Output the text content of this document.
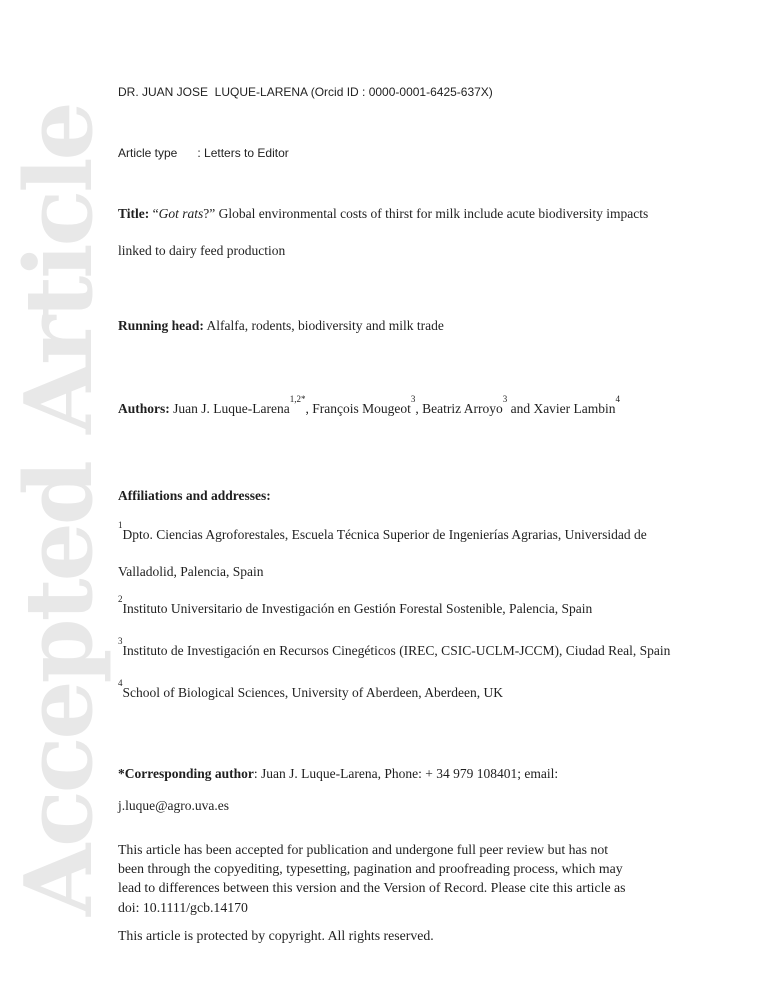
Accepted Article
DR. JUAN JOSE  LUQUE-LARENA (Orcid ID : 0000-0001-6425-637X)
Article type      : Letters to Editor
Title: “Got rats?” Global environmental costs of thirst for milk include acute biodiversity impacts
linked to dairy feed production
Running head: Alfalfa, rodents, biodiversity and milk trade
Authors: Juan J. Luque-Larena$^{1,2*}$, François Mougeot$^3$, Beatriz Arroyo$^3$ and Xavier Lambin$^4$
Affiliations and addresses:
$^1$Dpto. Ciencias Agroforestales, Escuela Técnica Superior de Ingenierías Agrarias, Universidad de Valladolid, Palencia, Spain
$^2$Instituto Universitario de Investigación en Gestión Forestal Sostenible, Palencia, Spain
$^3$Instituto de Investigación en Recursos Cinegéticos (IREC, CSIC-UCLM-JCCM), Ciudad Real, Spain
$^4$School of Biological Sciences, University of Aberdeen, Aberdeen, UK
*Corresponding author: Juan J. Luque-Larena, Phone: + 34 979 108401; email:
j.luque@agro.uva.es
This article has been accepted for publication and undergone full peer review but has not
been through the copyediting, typesetting, pagination and proofreading process, which may
lead to differences between this version and the Version of Record. Please cite this article as
doi: 10.1111/gcb.14170
This article is protected by copyright. All rights reserved.
